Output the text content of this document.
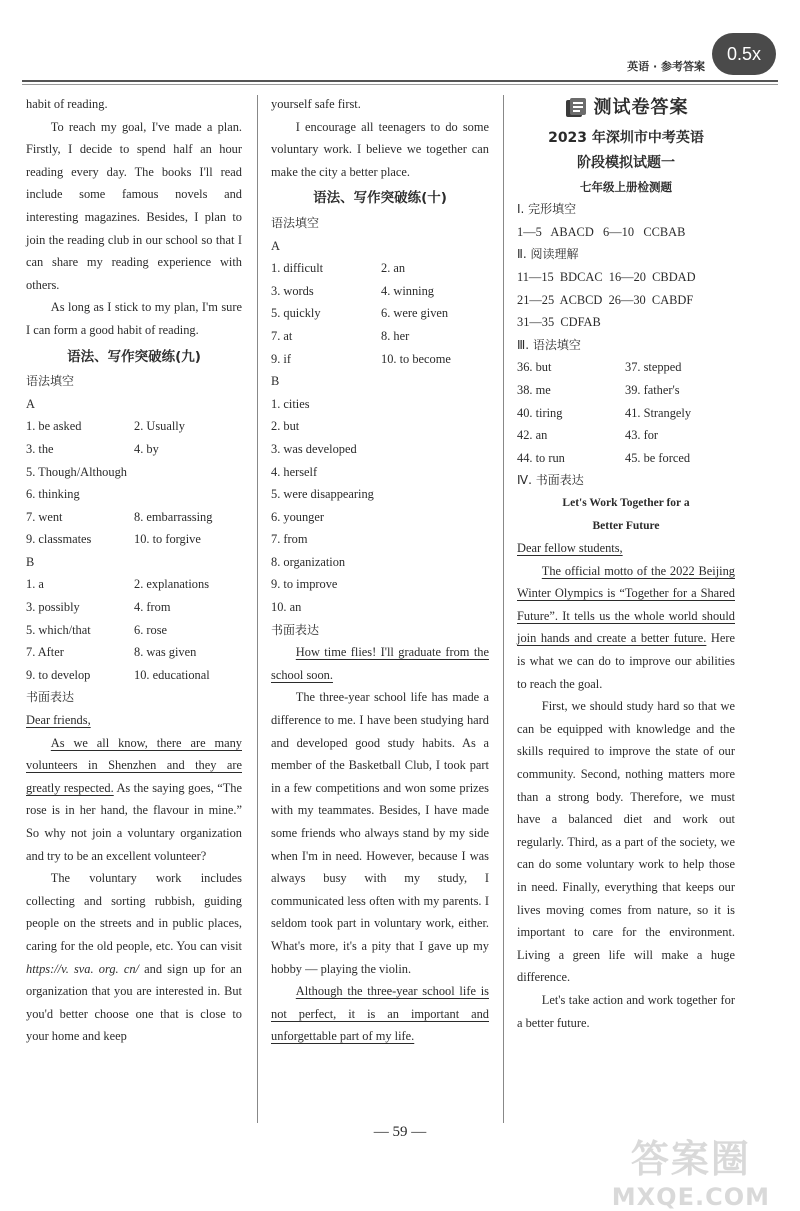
0.5x
英语 · 参考答案

habit of reading.

To reach my goal, I've made a plan. Firstly, I decide to spend half an hour reading every day. The books I'll read include some famous novels and interesting magazines. Besides, I plan to join the reading club in our school so that I can share my reading experience with others.

As long as I stick to my plan, I'm sure I can form a good habit of reading.

语法、写作突破练(九)
语法填空
A
1. be asked	2. Usually
3. the	4. by
5. Though/Although
6. thinking
7. went	8. embarrassing
9. classmates	10. to forgive
B
1. a	2. explanations
3. possibly	4. from
5. which/that	6. rose
7. After	8. was given
9. to develop	10. educational
书面表达
Dear friends,

As we all know, there are many volunteers in Shenzhen and they are greatly respected. As the saying goes, “The rose is in her hand, the flavour in mine.” So why not join a voluntary organization and try to be an excellent volunteer?

The voluntary work includes collecting and sorting rubbish, guiding people on the streets and in public places, caring for the old people, etc. You can visit https://v. sva. org. cn/ and sign up for an organization that you are interested in. But you'd better choose one that is close to your home and keep

yourself safe first.

I encourage all teenagers to do some voluntary work. I believe we together can make the city a better place.

语法、写作突破练(十)
语法填空
A
1. difficult	2. an
3. words	4. winning
5. quickly	6. were given
7. at	8. her
9. if	10. to become
B
1. cities
2. but
3. was developed
4. herself
5. were disappearing
6. younger
7. from
8. organization
9. to improve
10. an
书面表达

How time flies! I'll graduate from the school soon.

The three-year school life has made a difference to me. I have been studying hard and developed good study habits. As a member of the Basketball Club, I took part in a few competitions and won some prizes with my teammates. Besides, I have made some friends who always stand by my side when I'm in need. However, because I was always busy with my study, I communicated less often with my parents. I seldom took part in voluntary work, either. What's more, it's a pity that I gave up my hobby — playing the violin.

Although the three-year school life is not perfect, it is an important and unforgettable part of my life.

测试卷答案
2023 年深圳市中考英语
阶段模拟试题一
七年级上册检测题
Ⅰ. 完形填空
1—5   ABACD   6—10   CCBAB
Ⅱ. 阅读理解
11—15  BDCAC  16—20  CBDAD
21—25  ACBCD  26—30  CABDF
31—35  CDFAB
Ⅲ. 语法填空
36. but	37. stepped
38. me	39. father's
40. tiring	41. Strangely
42. an	43. for
44. to run	45. be forced
Ⅳ. 书面表达
Let's Work Together for a
Better Future
Dear fellow students,

The official motto of the 2022 Beijing Winter Olympics is “Together for a Shared Future”. It tells us the whole world should join hands and create a better future. Here is what we can do to improve our abilities to reach the goal.

First, we should study hard so that we can be equipped with knowledge and the skills required to improve the state of our community. Second, nothing matters more than a strong body. Therefore, we must have a balanced diet and work out regularly. Third, as a part of the society, we can do some voluntary work to help those in need. Finally, everything that keeps our lives moving comes from nature, so it is important to care for the environment. Living a green life will make a huge difference.

Let's take action and work together for a better future.

— 59 —
答案圈
MXQE.COM
